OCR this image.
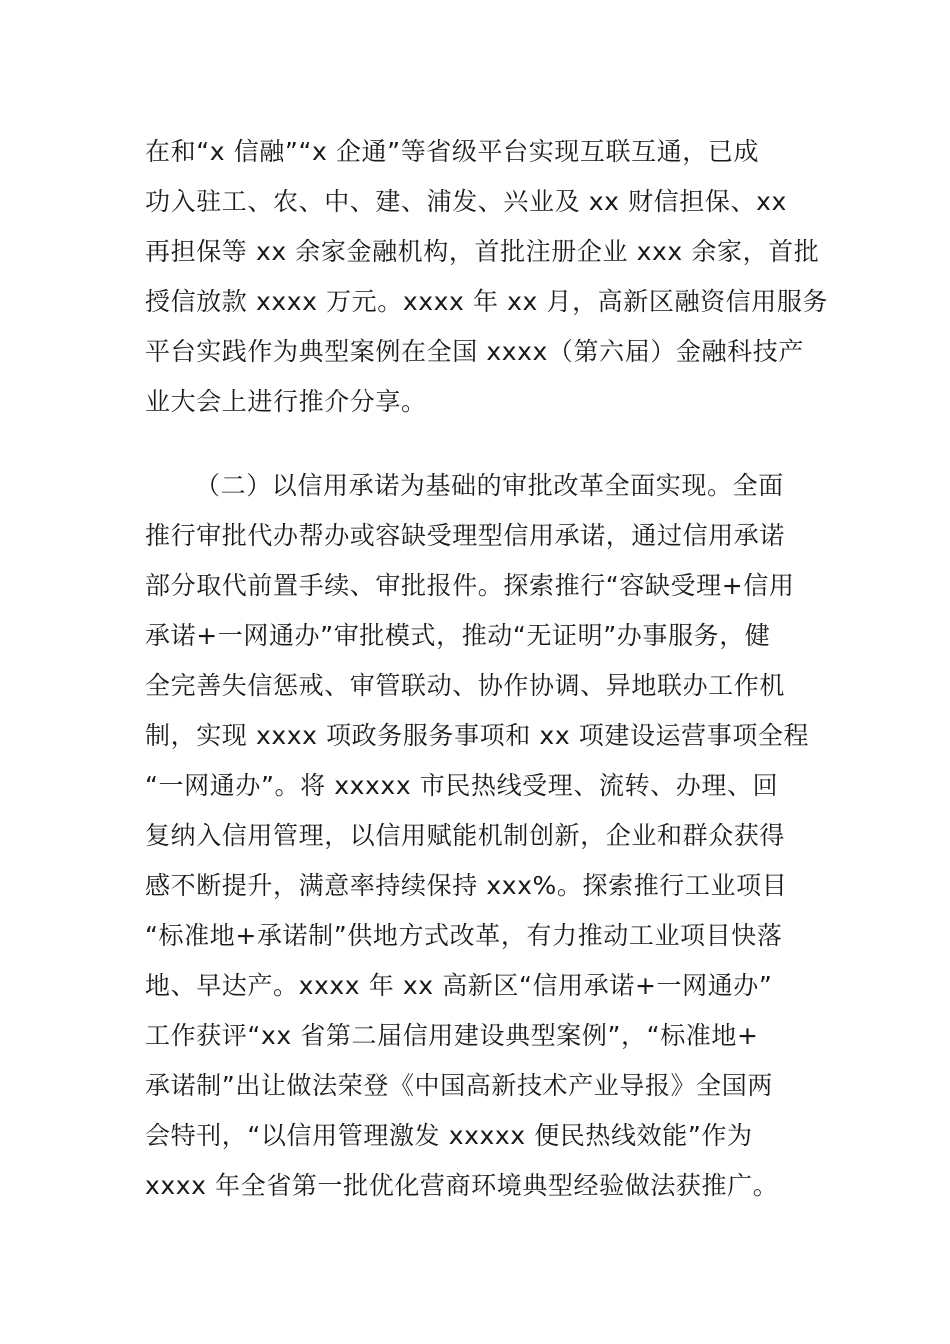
在和“x 信融”“x 企通”等省级平台实现互联互通，已成

功入驻工、农、中、建、浦发、兴业及 xx 财信担保、xx

再担保等 xx 余家金融机构，首批注册企业 xxx 余家，首批

授信放款 xxxx 万元。xxxx 年 xx 月，高新区融资信用服务

平台实践作为典型案例在全国 xxxx（第六届）金融科技产

业大会上进行推介分享。

（二）以信用承诺为基础的审批改革全面实现。全面

推行审批代办帮办或容缺受理型信用承诺，通过信用承诺

部分取代前置手续、审批报件。探索推行“容缺受理+信用

承诺+一网通办”审批模式，推动“无证明”办事服务，健

全完善失信惩戒、审管联动、协作协调、异地联办工作机

制，实现 xxxx 项政务服务事项和 xx 项建设运营事项全程

“一网通办”。将 xxxxx 市民热线受理、流转、办理、回

复纳入信用管理，以信用赋能机制创新，企业和群众获得

感不断提升，满意率持续保持 xxx%。探索推行工业项目

“标准地+承诺制”供地方式改革，有力推动工业项目快落

地、早达产。xxxx 年 xx 高新区“信用承诺+一网通办”

工作获评“xx 省第二届信用建设典型案例”，“标准地+

承诺制”出让做法荣登《中国高新技术产业导报》全国两

会特刊，“以信用管理激发 xxxxx 便民热线效能”作为

xxxx 年全省第一批优化营商环境典型经验做法获推广。
